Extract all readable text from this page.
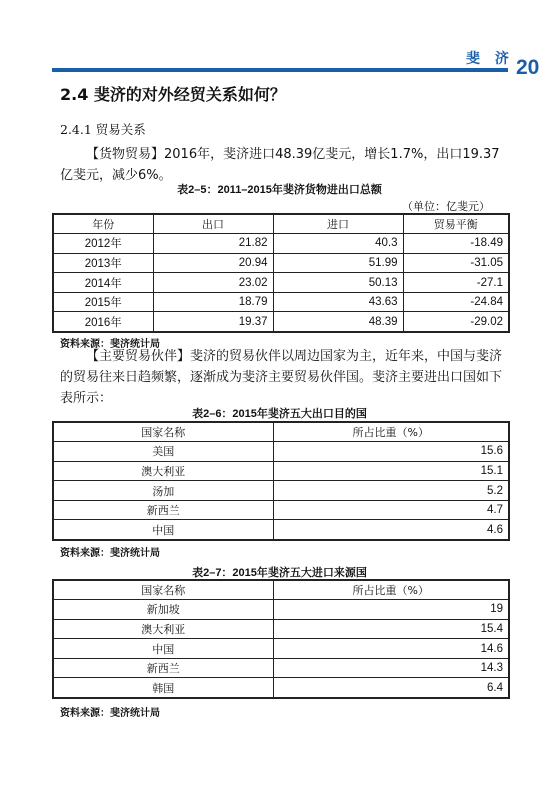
斐 济 20
2.4 斐济的对外经贸关系如何？
2.4.1 贸易关系
【货物贸易】2016年，斐济进口48.39亿斐元，增长1.7%，出口19.37亿斐元，减少6%。
表2–5：2011–2015年斐济货物进出口总额
（单位：亿斐元）
年份	出口	进口	贸易平衡
2012年	21.82	40.3	-18.49
2013年	20.94	51.99	-31.05
2014年	23.02	50.13	-27.1
2015年	18.79	43.63	-24.84
2016年	19.37	48.39	-29.02
资料来源：斐济统计局
【主要贸易伙伴】斐济的贸易伙伴以周边国家为主，近年来，中国与斐济的贸易往来日趋频繁，逐渐成为斐济主要贸易伙伴国。斐济主要进出口国如下表所示：
表2–6：2015年斐济五大出口目的国
国家名称	所占比重（%）
美国	15.6
澳大利亚	15.1
汤加	5.2
新西兰	4.7
中国	4.6
资料来源：斐济统计局
表2–7：2015年斐济五大进口来源国
国家名称	所占比重（%）
新加坡	19
澳大利亚	15.4
中国	14.6
新西兰	14.3
韩国	6.4
资料来源：斐济统计局
